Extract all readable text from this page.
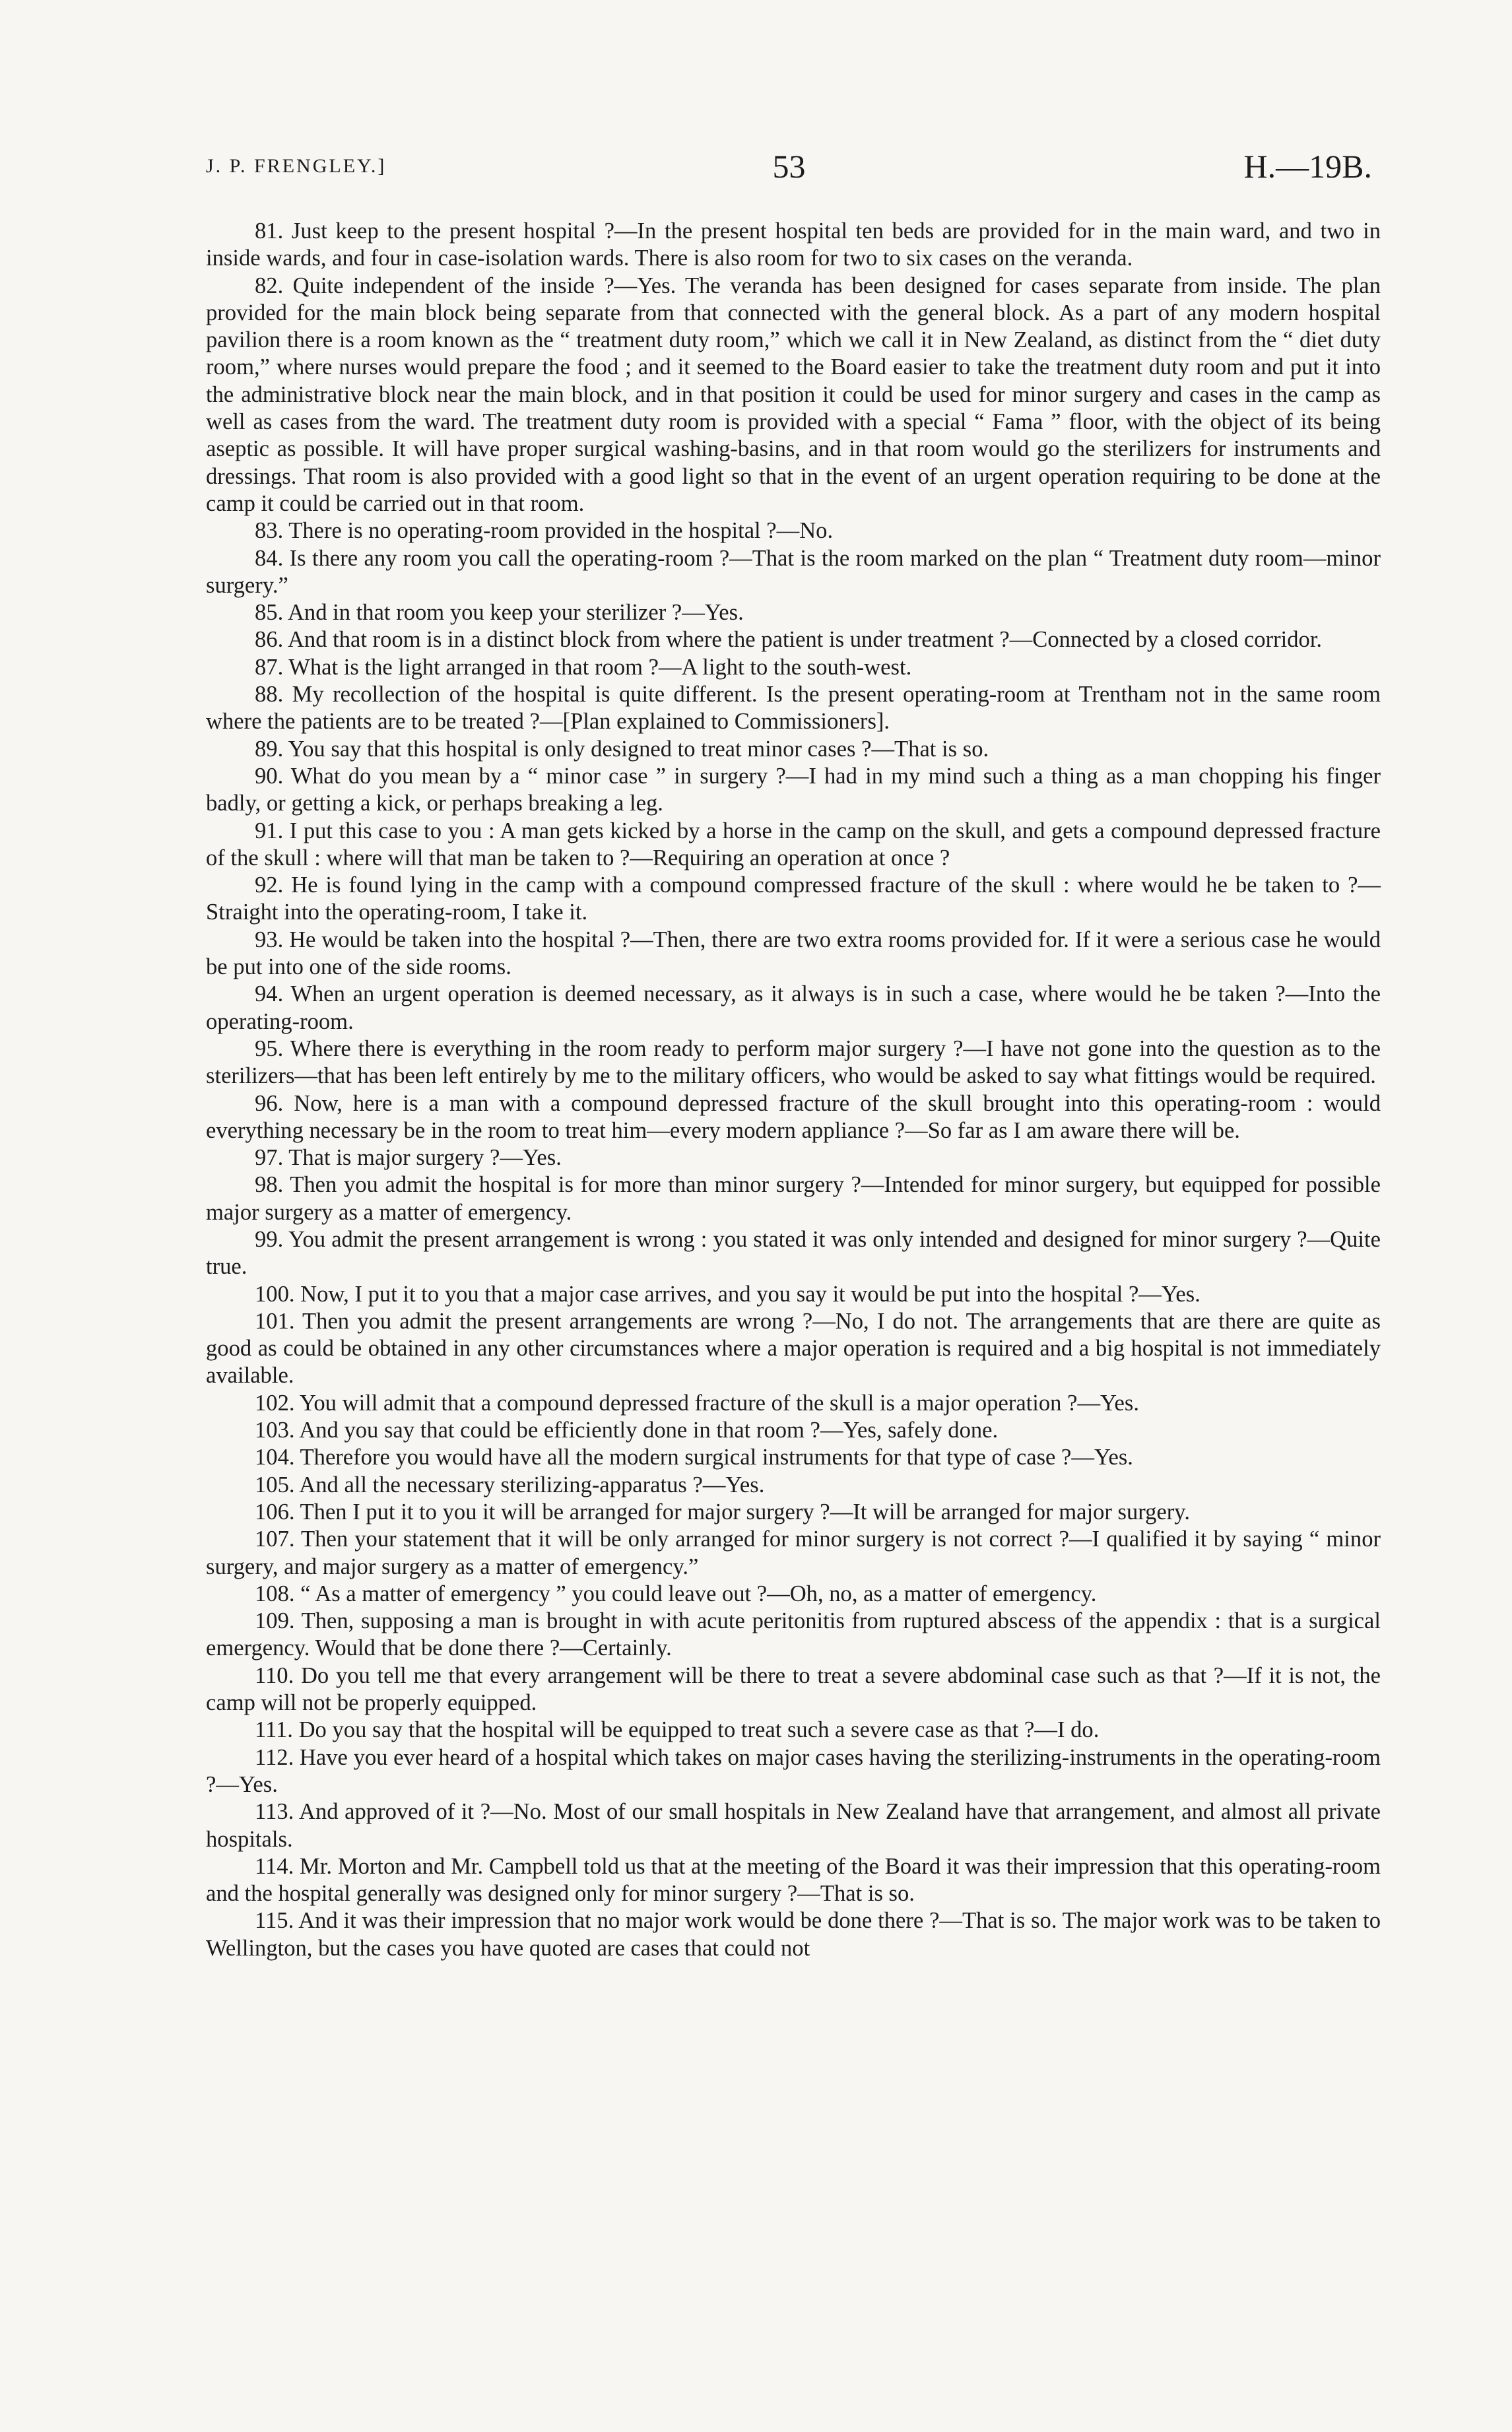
J. P. FRENGLEY.]	53	H.—19B.

81. Just keep to the present hospital ?—In the present hospital ten beds are provided for in the main ward, and two in inside wards, and four in case-isolation wards. There is also room for two to six cases on the veranda.

82. Quite independent of the inside ?—Yes. The veranda has been designed for cases separate from inside. The plan provided for the main block being separate from that connected with the general block. As a part of any modern hospital pavilion there is a room known as the “ treatment duty room,” which we call it in New Zealand, as distinct from the “ diet duty room,” where nurses would prepare the food ; and it seemed to the Board easier to take the treatment duty room and put it into the administrative block near the main block, and in that position it could be used for minor surgery and cases in the camp as well as cases from the ward. The treatment duty room is provided with a special “ Fama ” floor, with the object of its being aseptic as possible. It will have proper surgical washing-basins, and in that room would go the sterilizers for instruments and dressings. That room is also provided with a good light so that in the event of an urgent operation requiring to be done at the camp it could be carried out in that room.

83. There is no operating-room provided in the hospital ?—No.

84. Is there any room you call the operating-room ?—That is the room marked on the plan “ Treatment duty room—minor surgery.”

85. And in that room you keep your sterilizer ?—Yes.

86. And that room is in a distinct block from where the patient is under treatment ?—Connected by a closed corridor.

87. What is the light arranged in that room ?—A light to the south-west.

88. My recollection of the hospital is quite different. Is the present operating-room at Trentham not in the same room where the patients are to be treated ?—[Plan explained to Commissioners].

89. You say that this hospital is only designed to treat minor cases ?—That is so.

90. What do you mean by a “ minor case ” in surgery ?—I had in my mind such a thing as a man chopping his finger badly, or getting a kick, or perhaps breaking a leg.

91. I put this case to you : A man gets kicked by a horse in the camp on the skull, and gets a compound depressed fracture of the skull : where will that man be taken to ?—Requiring an operation at once ?

92. He is found lying in the camp with a compound compressed fracture of the skull : where would he be taken to ?—Straight into the operating-room, I take it.

93. He would be taken into the hospital ?—Then, there are two extra rooms provided for. If it were a serious case he would be put into one of the side rooms.

94. When an urgent operation is deemed necessary, as it always is in such a case, where would he be taken ?—Into the operating-room.

95. Where there is everything in the room ready to perform major surgery ?—I have not gone into the question as to the sterilizers—that has been left entirely by me to the military officers, who would be asked to say what fittings would be required.

96. Now, here is a man with a compound depressed fracture of the skull brought into this operating-room : would everything necessary be in the room to treat him—every modern appliance ?—So far as I am aware there will be.

97. That is major surgery ?—Yes.

98. Then you admit the hospital is for more than minor surgery ?—Intended for minor surgery, but equipped for possible major surgery as a matter of emergency.

99. You admit the present arrangement is wrong : you stated it was only intended and designed for minor surgery ?—Quite true.

100. Now, I put it to you that a major case arrives, and you say it would be put into the hospital ?—Yes.

101. Then you admit the present arrangements are wrong ?—No, I do not. The arrangements that are there are quite as good as could be obtained in any other circumstances where a major operation is required and a big hospital is not immediately available.

102. You will admit that a compound depressed fracture of the skull is a major operation ?—Yes.

103. And you say that could be efficiently done in that room ?—Yes, safely done.

104. Therefore you would have all the modern surgical instruments for that type of case ?—Yes.

105. And all the necessary sterilizing-apparatus ?—Yes.

106. Then I put it to you it will be arranged for major surgery ?—It will be arranged for major surgery.

107. Then your statement that it will be only arranged for minor surgery is not correct ?—I qualified it by saying “ minor surgery, and major surgery as a matter of emergency.”

108. “ As a matter of emergency ” you could leave out ?—Oh, no, as a matter of emergency.

109. Then, supposing a man is brought in with acute peritonitis from ruptured abscess of the appendix : that is a surgical emergency. Would that be done there ?—Certainly.

110. Do you tell me that every arrangement will be there to treat a severe abdominal case such as that ?—If it is not, the camp will not be properly equipped.

111. Do you say that the hospital will be equipped to treat such a severe case as that ?—I do.

112. Have you ever heard of a hospital which takes on major cases having the sterilizing-instruments in the operating-room ?—Yes.

113. And approved of it ?—No. Most of our small hospitals in New Zealand have that arrangement, and almost all private hospitals.

114. Mr. Morton and Mr. Campbell told us that at the meeting of the Board it was their impression that this operating-room and the hospital generally was designed only for minor surgery ?—That is so.

115. And it was their impression that no major work would be done there ?—That is so. The major work was to be taken to Wellington, but the cases you have quoted are cases that could not
